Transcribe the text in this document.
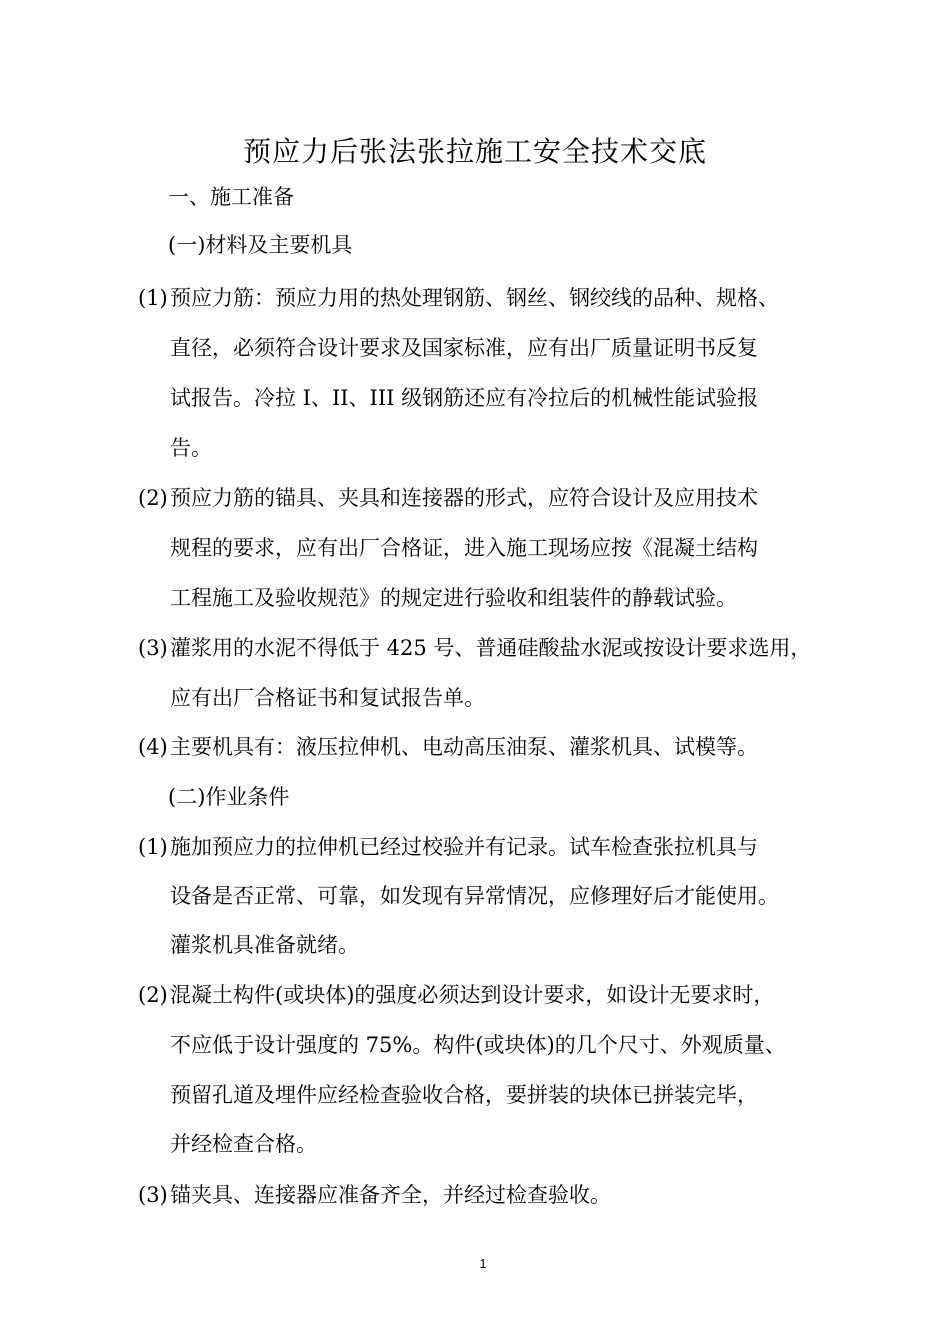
预应力后张法张拉施工安全技术交底
一、施工准备
(一)材料及主要机具
(1) 预应力筋：预应力用的热处理钢筋、钢丝、钢绞线的品种、规格、
直径，必须符合设计要求及国家标准，应有出厂质量证明书反复
试报告。冷拉 I、II、III 级钢筋还应有冷拉后的机械性能试验报
告。
(2) 预应力筋的锚具、夹具和连接器的形式，应符合设计及应用技术
规程的要求，应有出厂合格证，进入施工现场应按《混凝土结构
工程施工及验收规范》的规定进行验收和组装件的静载试验。
(3) 灌浆用的水泥不得低于 425 号、普通硅酸盐水泥或按设计要求选用，
应有出厂合格证书和复试报告单。
(4) 主要机具有：液压拉伸机、电动高压油泵、灌浆机具、试模等。
(二)作业条件
(1) 施加预应力的拉伸机已经过校验并有记录。试车检查张拉机具与
设备是否正常、可靠，如发现有异常情况，应修理好后才能使用。
灌浆机具准备就绪。
(2) 混凝土构件(或块体)的强度必须达到设计要求，如设计无要求时，
不应低于设计强度的 75%。构件(或块体)的几个尺寸、外观质量、
预留孔道及埋件应经检查验收合格，要拼装的块体已拼装完毕，
并经检查合格。
(3) 锚夹具、连接器应准备齐全，并经过检查验收。
1
